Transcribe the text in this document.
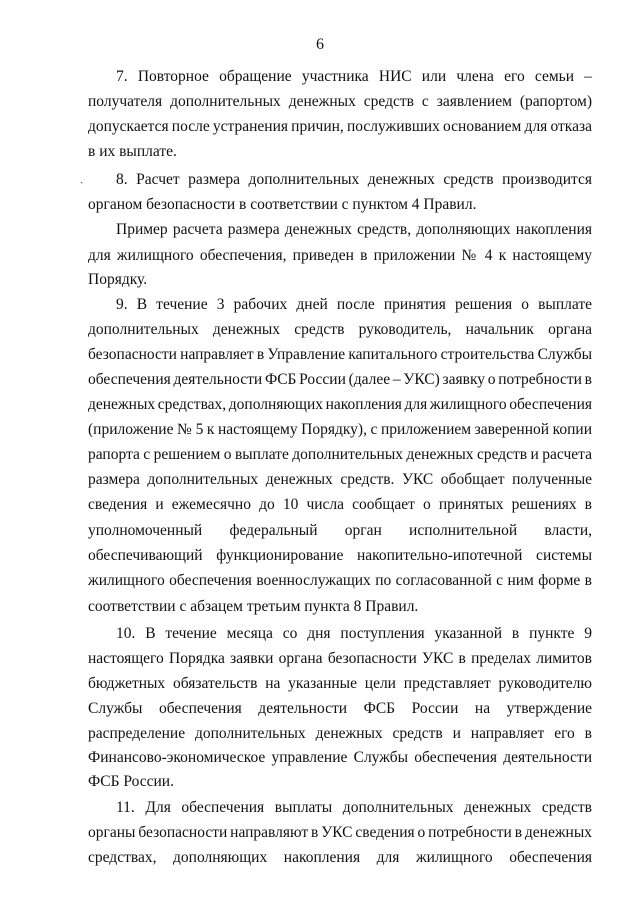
6
ˎ
7. Повторное обращение участника НИС или члена его семьи –
получателя дополнительных денежных средств с заявлением (рапортом)
допускается после устранения причин, послуживших основанием для отказа
в их выплате.
8. Расчет размера дополнительных денежных средств производится
органом безопасности в соответствии с пунктом 4 Правил.
Пример расчета размера денежных средств, дополняющих накопления
для жилищного обеспечения, приведен в приложении № 4 к настоящему
Порядку.
9. В течение 3 рабочих дней после принятия решения о выплате
дополнительных денежных средств руководитель, начальник органа
безопасности направляет в Управление капитального строительства Службы
обеспечения деятельности ФСБ России (далее – УКС) заявку о потребности в
денежных средствах, дополняющих накопления для жилищного обеспечения
(приложение № 5 к настоящему Порядку), с приложением заверенной копии
рапорта с решением о выплате дополнительных денежных средств и расчета
размера дополнительных денежных средств. УКС обобщает полученные
сведения и ежемесячно до 10 числа сообщает о принятых решениях в
уполномоченный федеральный орган исполнительной власти,
обеспечивающий функционирование накопительно-ипотечной системы
жилищного обеспечения военнослужащих по согласованной с ним форме в
соответствии с абзацем третьим пункта 8 Правил.
10. В течение месяца со дня поступления указанной в пункте 9
настоящего Порядка заявки органа безопасности УКС в пределах лимитов
бюджетных обязательств на указанные цели представляет руководителю
Службы обеспечения деятельности ФСБ России на утверждение
распределение дополнительных денежных средств и направляет его в
Финансово-экономическое управление Службы обеспечения деятельности
ФСБ России.
11. Для обеспечения выплаты дополнительных денежных средств
органы безопасности направляют в УКС сведения о потребности в денежных
средствах, дополняющих накопления для жилищного обеспечения
